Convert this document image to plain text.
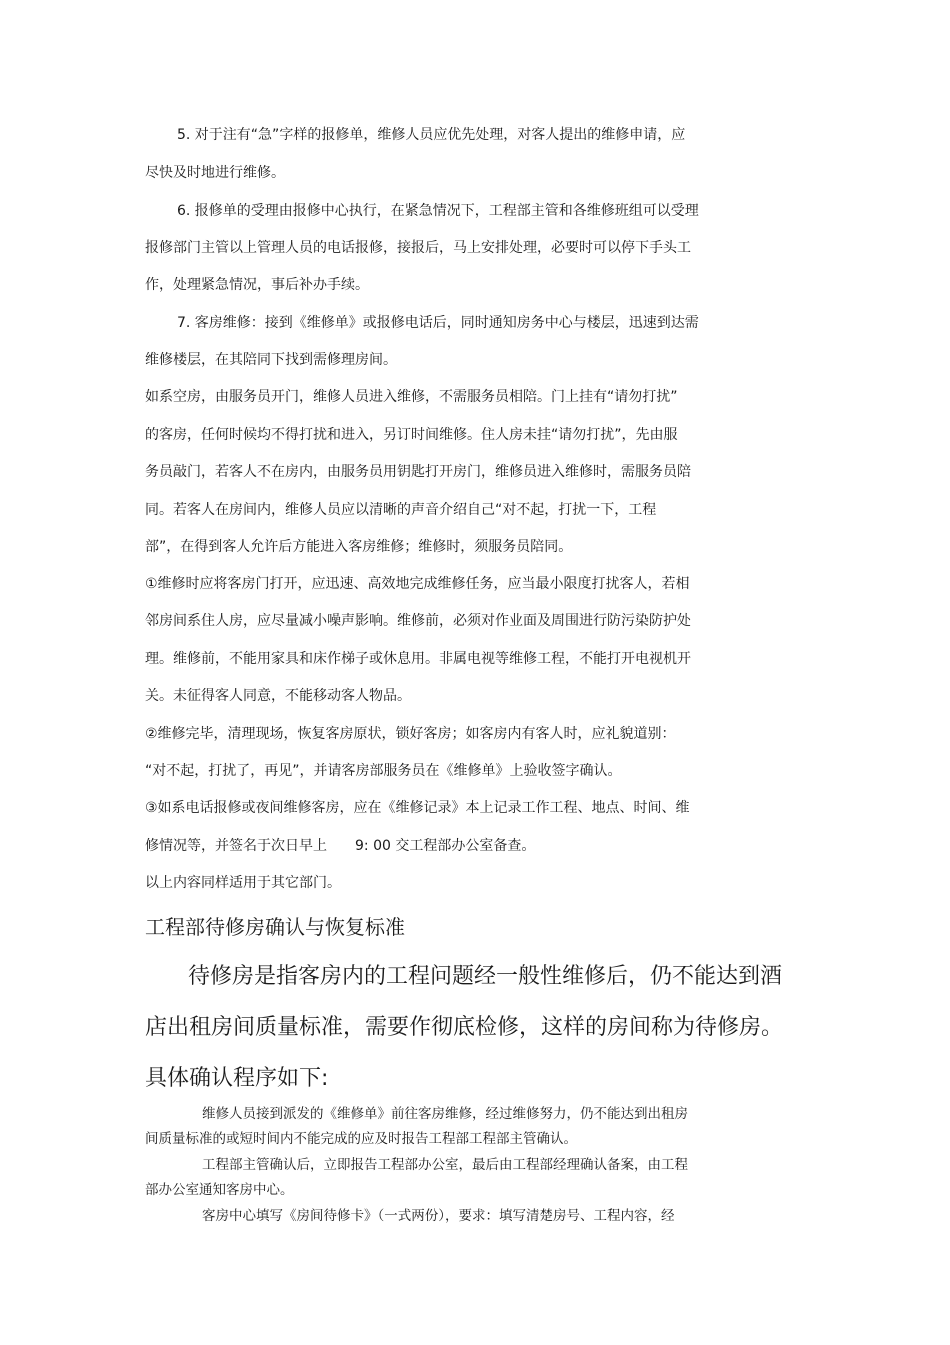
5. 对于注有“急”字样的报修单，维修人员应优先处理，对客人提出的维修申请，应
尽快及时地进行维修。
6. 报修单的受理由报修中心执行，在紧急情况下，工程部主管和各维修班组可以受理
报修部门主管以上管理人员的电话报修，接报后，马上安排处理，必要时可以停下手头工
作，处理紧急情况，事后补办手续。
7. 客房维修：接到《维修单》或报修电话后，同时通知房务中心与楼层，迅速到达需
维修楼层，在其陪同下找到需修理房间。
如系空房，由服务员开门，维修人员进入维修，不需服务员相陪。门上挂有“请勿打扰”
的客房，任何时候均不得打扰和进入，另订时间维修。住人房未挂“请勿打扰”，先由服
务员敲门，若客人不在房内，由服务员用钥匙打开房门，维修员进入维修时，需服务员陪
同。若客人在房间内，维修人员应以清晰的声音介绍自己“对不起，打扰一下，工程
部”，在得到客人允许后方能进入客房维修；维修时，须服务员陪同。
①维修时应将客房门打开，应迅速、高效地完成维修任务，应当最小限度打扰客人，若相
邻房间系住人房，应尽量减小噪声影响。维修前，必须对作业面及周围进行防污染防护处
理。维修前，不能用家具和床作梯子或休息用。非属电视等维修工程，不能打开电视机开
关。未征得客人同意，不能移动客人物品。
②维修完毕，清理现场，恢复客房原状，锁好客房；如客房内有客人时，应礼貌道别：
“对不起，打扰了，再见”，并请客房部服务员在《维修单》上验收签字确认。
③如系电话报修或夜间维修客房，应在《维修记录》本上记录工作工程、地点、时间、维
修情况等，并签名于次日早上　　9: 00 交工程部办公室备查。
以上内容同样适用于其它部门。
工程部待修房确认与恢复标准
待修房是指客房内的工程问题经一般性维修后，仍不能达到酒
店出租房间质量标准，需要作彻底检修，这样的房间称为待修房。
具体确认程序如下:
维修人员接到派发的《维修单》前往客房维修，经过维修努力，仍不能达到出租房
间质量标准的或短时间内不能完成的应及时报告工程部工程部主管确认。
工程部主管确认后，立即报告工程部办公室，最后由工程部经理确认备案，由工程
部办公室通知客房中心。
客房中心填写《房间待修卡》（一式两份），要求：填写清楚房号、工程内容，经
